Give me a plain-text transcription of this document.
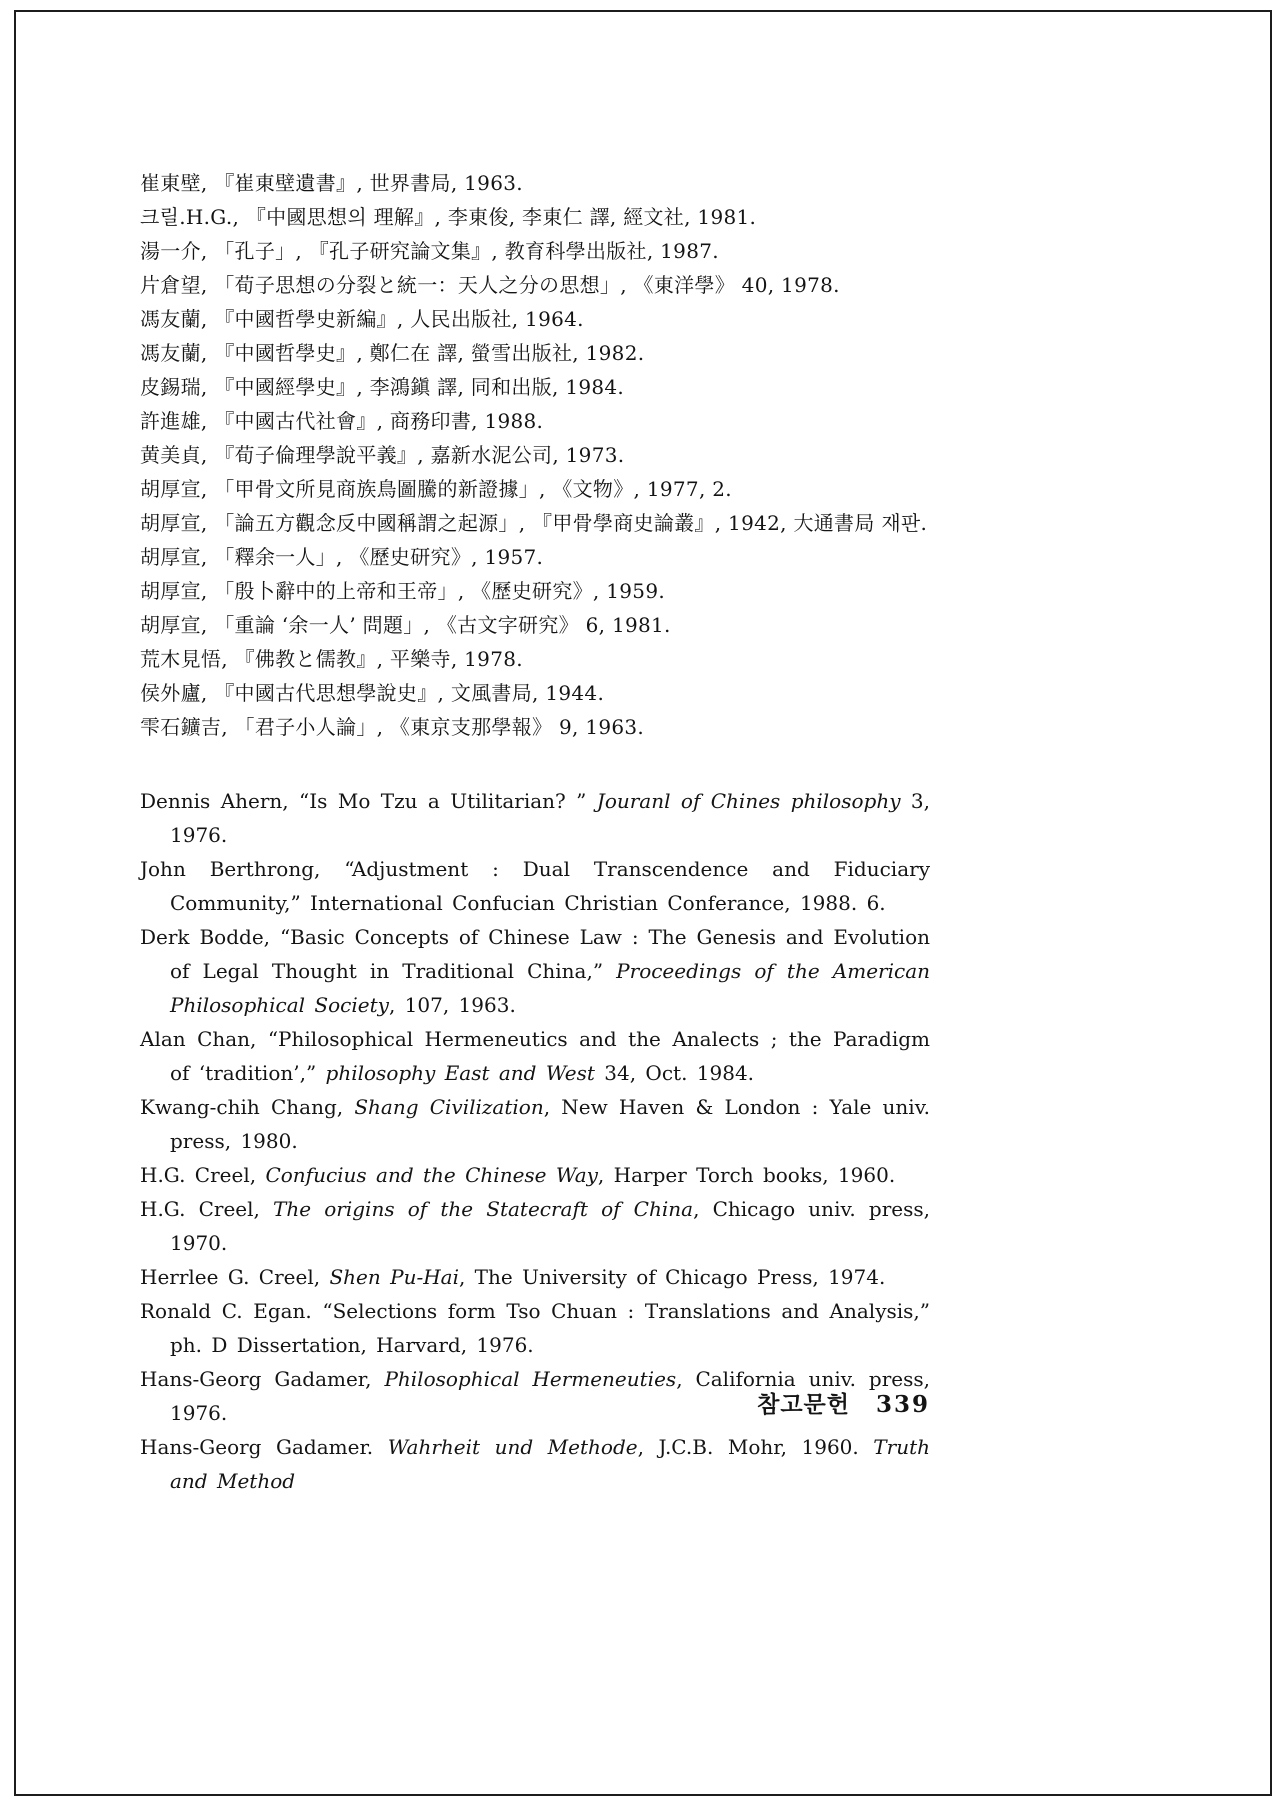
崔東壁, 『崔東壁遺書』, 世界書局, 1963.

크릴.H.G., 『中國思想의 理解』, 李東俊, 李東仁 譯, 經文社, 1981.

湯一介, 「孔子」, 『孔子研究論文集』, 教育科學出版社, 1987.

片倉望, 「荀子思想の分裂と統一：天人之分の思想」, 《東洋學》 40, 1978.

馮友蘭, 『中國哲學史新編』, 人民出版社, 1964.

馮友蘭, 『中國哲學史』, 鄭仁在 譯, 螢雪出版社, 1982.

皮錫瑞, 『中國經學史』, 李鴻鎭 譯, 同和出版, 1984.

許進雄, 『中國古代社會』, 商務印書, 1988.

黄美貞, 『荀子倫理學說平義』, 嘉新水泥公司, 1973.

胡厚宣, 「甲骨文所見商族鳥圖騰的新證據」, 《文物》, 1977, 2.

胡厚宣, 「論五方觀念反中國稱謂之起源」, 『甲骨學商史論叢』, 1942, 大通書局 재판.

胡厚宣, 「釋余一人」, 《歷史研究》, 1957.

胡厚宣, 「殷卜辭中的上帝和王帝」, 《歷史研究》, 1959.

胡厚宣, 「重論 ‘余一人’ 問題」, 《古文字研究》 6, 1981.

荒木見悟, 『佛教と儒教』, 平樂寺, 1978.

侯外廬, 『中國古代思想學說史』, 文風書局, 1944.

雫石鑛吉, 「君子小人論」, 《東京支那學報》 9, 1963.

Dennis Ahern, “Is Mo Tzu a Utilitarian? ” Jouranl of Chines philosophy 3, 1976.

John Berthrong, “Adjustment : Dual Transcendence and Fiduciary Community,” International Confucian Christian Conferance, 1988. 6.

Derk Bodde, “Basic Concepts of Chinese Law : The Genesis and Evolution of Legal Thought in Traditional China,” Proceedings of the American Philosophical Society, 107, 1963.

Alan Chan, “Philosophical Hermeneutics and the Analects ; the Paradigm of ‘tradition’,” philosophy East and West 34, Oct. 1984.

Kwang-chih Chang, Shang Civilization, New Haven & London : Yale univ. press, 1980.

H.G. Creel, Confucius and the Chinese Way, Harper Torch books, 1960.

H.G. Creel, The origins of the Statecraft of China, Chicago univ. press, 1970.

Herrlee G. Creel, Shen Pu-Hai, The University of Chicago Press, 1974.

Ronald C. Egan. “Selections form Tso Chuan : Translations and Analysis,” ph. D Dissertation, Harvard, 1976.

Hans-Georg Gadamer, Philosophical Hermeneuties, California univ. press, 1976.

Hans-Georg Gadamer. Wahrheit und Methode, J.C.B. Mohr, 1960. Truth and Method

참고문헌 339
